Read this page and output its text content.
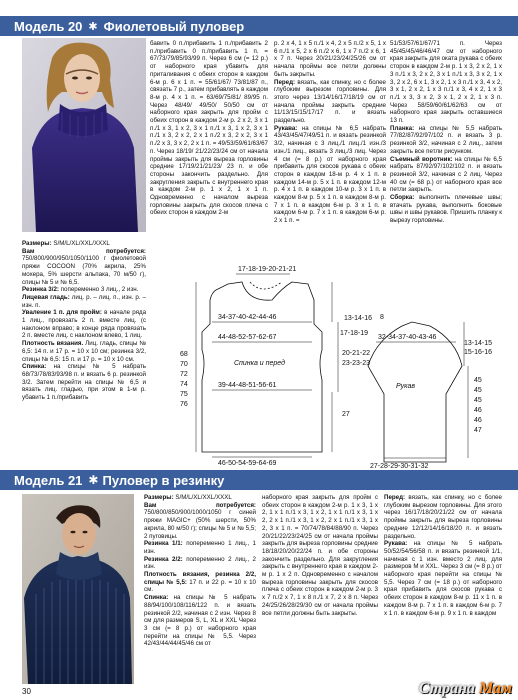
Модель 20 ✱ Фиолетовый пуловер

Размеры: S/M/L/XL/XXL/XXXL

Вам потребуется: 750/800/900/950/1050/1100 г фиолетовой пряжи COCOON (70% акрила, 25% мохера, 5% шерсти альпака, 70 м/50 г), спицы № 5 и № 6,5.

Резинка 3/2: попеременно 3 лиц., 2 изн.

Лицевая гладь: лиц. р. – лиц. п., изн. р. – изн. п.

Уваление 1 п. для пройм: в начале ряда 1 лиц., провязать 2 п. вместе лиц. (с наклоном вправо; в конце ряда провязать 2 п. вместе лиц. с наклоном влево, 1 лиц.

Плотность вязания. Лиц. гладь, спицы № 6,5: 14 п. и 17 р. = 10 х 10 см; резинка 3/2, спицы № 6,5: 15 п. и 17 р. = 10 х 10 см.

Спинка: на спицы № 5 набрать 68/73/78/83/93/98 п. и вязать 6 р. резинкой 3/2. Затем перейти на спицы № 6,5 и вязать лиц. гладью, при этом в 1-м р. убавить 1 п./прибавить

бавить 0 п./прибавить 1 п./прибавить 2 п./прибавить 0 п./прибавить 1 п. = 67/73/79/85/93/99 п. Через 6 см (= 12 р.) от наборного края убавить для приталивания с обеих сторон в каждом 6-м р. 6 х 1 п. = 55/61/67/ 73/81/87 п., связать 7 р., затем прибавлять в каждом 8-м р. 4 х 1 п. = 63/69/75/81/ 89/95 п. Через 48/49/ 49/50/ 50/50 см от наборного края закрыть для пройм с обеих сторон в каждом 2-м р. 2 х 2, 3 х 1 п./1 х 3, 1 х 2, 3 х 1 п./1 х 3, 1 х 2, 3 х 1 п./1 х 3, 2 х 2, 2 х 1 п./2 х 3, 2 х 2, 3 х 1 п./2 х 3, 3 х 2, 2 х 1 п. = 49/53/59/61/63/67 п. Через 18/19/ 21/22/23/24 см от начала проймы закрыть для выреза горловины средние 17/19/21/21/23/ 23 п. и обе стороны закончить раздельно. Для закругления закрыть с внутреннего края в каждом 2-м р. 1 х 2, 1 х 1 п. Одновременно с началом выреза горловины закрыть для скосов плеча с обеих сторон в каждом 2-м

р. 2 х 4, 1 х 5 п./1 х 4, 2 х 5 п./2 х 5, 1 х 6 п./1 х 5, 2 х 6 п./2 х 6, 1 х 7 п./2 х 6, 1 х 7 п. Через 20/21/23/24/25/26 см от начала проймы все петли должны быть закрыты.

Перед: вязать, как спинку, но с более глубоким вырезом горловины. Для этого через 13/14/16/17/18/19 см от начала проймы закрыть средние 11/13/15/15/17/17 п. и вязать раздельно.

Рукава: на спицы № 6,5 набрать 43/43/45/47/49/51 п. и вязать резинкой 3/2, начиная с 3 лиц./1 лиц./1 изн./3 изн./1 лиц., вязать 3 лиц./3 лиц. Через 4 см (= 8 р.) от наборного края прибавить для скосов рукава с обеих сторон в каждом 18-м р. 4 х 1 п. в каждом 14-м р. 5 х 1 п. в каждом 12-м р. 4 х 1 п. в каждом 10-м р. 3 х 1 п. в каждом 8-м р. 5 х 1 п. в каждом 8-м р. 7 х 1 п. в каждом 6-м р. 3 х 1 п. в каждом 6-м р. 7 х 1 п. в каждом 6-м р. 2 х 1 п. =

51/53/57/61/67/71 п. Через 45/45/45/46/46/47 см от наборного края закрыть для оката рукава с обеих сторон в каждом 2-м р. 1 х 3, 2 х 2, 1 х 3 п./1 х 3, 2 х 2, 3 х 1 п./1 х 3, 3 х 2, 1 х 3, 2 х 2, 6 х 1, 3 х 2, 1 х 3 п./1 х 3, 4 х 2, 3 х 1, 2 х 2, 1 х 3 п./1 х 3, 4 х 2, 1 х 3 п./1 х 3, 3 х 2, 3 х 1, 2 х 2, 1 х 3 п. Через 58/59/60/61/62/63 см от наборного края закрыть оставшиеся 13 п.

Планка: на спицы № 5,5 набрать 77/82/87/92/97/102 п. и вязать 3 р. резинкой 3/2, начиная с 2 лиц., затем закрыть все петли рисунком.

Съемный воротник: на спицы № 6,5 набрать 87/92/97/102/102 п. и вязать резинкой 3/2, начиная с 2 лиц. Через 40 см (= 68 р.) от наборного края все петли закрыть.

Сборка: выполнить плечевые швы; втачать рукава, выполнить боковые швы и швы рукавов. Пришить планку к вырезу горловины.

17-18-19-20-21-21
34-37-40-42-44-46
44-48-52-57-62-67
Спинка и перед
39-44-48-51-56-61
46-50-54-59-64-69
13-14-16
17-18-19
20-21-22
23-23-23
27
68
70
72
74
75
76
8
13-14-15
15-16-16
32-34-37-40-43-46
Рукав
45
45
45
46
46
47
27-28-29-30-31-32
Модель 21 ✱ Пуловер в резинку

Размеры: S/M/L/XL/XXL/XXXL

Вам потребуется: 750/800/850/900/1000/1050 г синей пряжи MAGIC+ (50% шерсти, 50% акрила, 80 м/50 г); спицы № 5 и № 5,5; 2 пуговицы.

Резинка 1/1: попеременно 1 лиц., 1 изн.

Резинка 2/2: попеременно 2 лиц., 2 изн.

Плотность вязания, резинка 2/2, спицы № 5,5: 17 п. и 22 р. = 10 х 10 см.

Спинка: на спицы № 5 набрать 88/94/100/108/116/122 п. и вязать резинкой 2/2, начиная с 2 изн. Через 8 см для размеров S, L, XL и XXL Через 3 см (= 8 р.) от наборного края перейти на спицы № 5,5. Через 42/43/44/44/45/46 см от

наборного края закрыть для пройм с обеих сторон в каждом 2-м р. 1 х 3, 1 х 2, 1 х 1 п./1 х 3, 1 х 2, 1 х 1 п./1 х 3, 1 х 2, 2 х 1 п./1 х 3, 1 х 2, 2 х 1 п./1 х 3, 1 х 2, 3 х 1 п. = 70/74/78/84/88/90 п. Через 20/21/22/23/24/25 см от начала проймы закрыть для выреза горловины средние 18/18/20/20/22/24 п. и обе стороны закончить раздельно. Для закругления закрыть с внутреннего края в каждом 2-м р. 1 х 2 п. Одновременно с началом выреза горловины закрыть для скосов плеча с обеих сторон в каждом 2-м р. 3 х 7 п./2 х 7, 1 х 8 п./1 х 7, 2 х 8 п. Через 24/25/26/28/29/30 см от начала проймы все петли должны быть закрыты.

Перед: вязать, как спинку, но с более глубоким вырезом горловины. Для этого через 16/17/18/20/21/22 см от начала проймы закрыть для выреза горловины средние 12/12/14/16/18/20 п. и вязать раздельно.

Рукава: на спицы № 5 набрать 50/52/54/56/58 п. и вязать резинкой 1/1, начиная с 1 изн. вместо 2 лиц. для размеров M и XXL. Через 3 см (= 8 р.) от наборного края перейти на спицы № 5,5. Через 7 см (= 18 р.) от наборного края прибавить для скосов рукава с обеих сторон в каждом 8-м р. 11 х 1 п. в каждом 8-м р. 7 х 1 п. в каждом 6-м р. 7 х 1 п. в каждом 6-м р. 9 х 1 п. в каждом

30	Страна Мам
